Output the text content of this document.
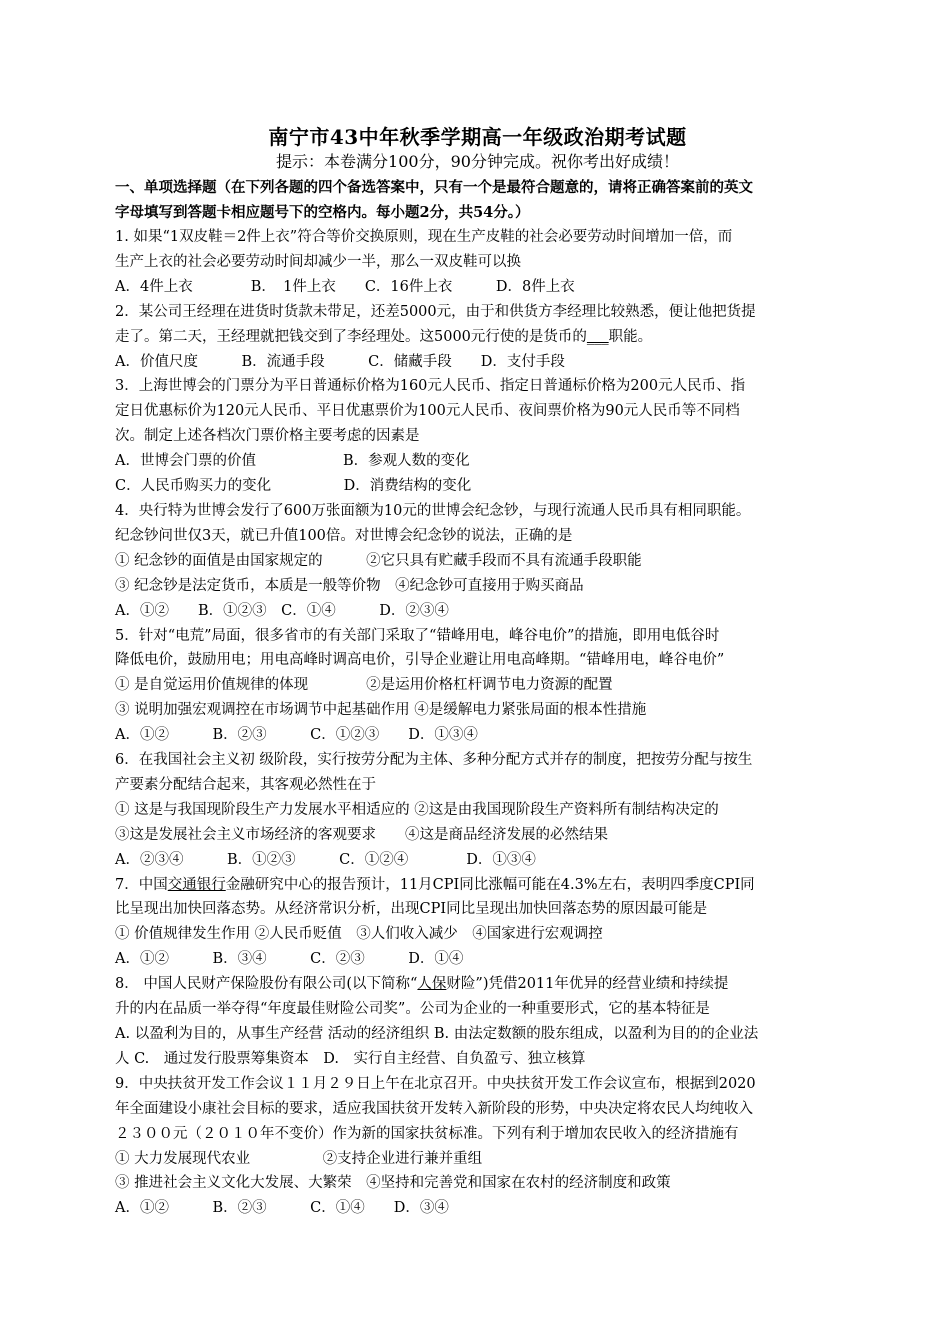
南宁市43中年秋季学期高一年级政治期考试题

提示：本卷满分100分，90分钟完成。祝你考出好成绩！

一、单项选择题（在下列各题的四个备选答案中，只有一个是最符合题意的，请将正确答案前的英文

字母填写到答题卡相应题号下的空格内。每小题2分，共54分。）

1. 如果“1双皮鞋＝2件上衣”符合等价交换原则，现在生产皮鞋的社会必要劳动时间增加一倍，而

生产上衣的社会必要劳动时间却减少一半，那么一双皮鞋可以换

A．4件上衣　　　　B．　1件上衣　　C．16件上衣　　　D．8件上衣

2．某公司王经理在进货时货款未带足，还差5000元，由于和供货方李经理比较熟悉，便让他把货提

走了。第二天，王经理就把钱交到了李经理处。这5000元行使的是货币的___职能。

A．价值尺度　　　B．流通手段　　　C．储藏手段　　D．支付手段

3．上海世博会的门票分为平日普通标价格为160元人民币、指定日普通标价格为200元人民币、指

定日优惠标价为120元人民币、平日优惠票价为100元人民币、夜间票价格为90元人民币等不同档

次。制定上述各档次门票价格主要考虑的因素是

A．世博会门票的价值　　　　　　B．参观人数的变化

C．人民币购买力的变化　　　　　D．消费结构的变化

4．央行特为世博会发行了600万张面额为10元的世博会纪念钞，与现行流通人民币具有相同职能。

纪念钞问世仅3天，就已升值100倍。对世博会纪念钞的说法，正确的是

① 纪念钞的面值是由国家规定的　　　②它只具有贮藏手段而不具有流通手段职能

③ 纪念钞是法定货币，本质是一般等价物　④纪念钞可直接用于购买商品

A．①②　　B．①②③　C．①④　　　D．②③④

5．针对“电荒”局面，很多省市的有关部门采取了“错峰用电，峰谷电价”的措施，即用电低谷时

降低电价，鼓励用电；用电高峰时调高电价，引导企业避让用电高峰期。“错峰用电，峰谷电价”

① 是自觉运用价值规律的体现　　　　②是运用价格杠杆调节电力资源的配置

③ 说明加强宏观调控在市场调节中起基础作用 ④是缓解电力紧张局面的根本性措施

A．①②　　　B．②③　　　C．①②③　　D．①③④

6．在我国社会主义初 级阶段，实行按劳分配为主体、多种分配方式并存的制度，把按劳分配与按生

产要素分配结合起来，其客观必然性在于

① 这是与我国现阶段生产力发展水平相适应的 ②这是由我国现阶段生产资料所有制结构决定的

③这是发展社会主义市场经济的客观要求　　④这是商品经济发展的必然结果

A．②③④　　　B．①②③　　　C．①②④　　　　D．①③④

7．中国交通银行金融研究中心的报告预计，11月CPI同比涨幅可能在4.3%左右，表明四季度CPI同

比呈现出加快回落态势。从经济常识分析，出现CPI同比呈现出加快回落态势的原因最可能是

① 价值规律发生作用 ②人民币贬值　③人们收入减少　④国家进行宏观调控

A．①②　　　B．③④　　　C．②③　　　D．①④

8． 中国人民财产保险股份有限公司(以下简称“人保财险”)凭借2011年优异的经营业绩和持续提

升的内在品质一举夺得“年度最佳财险公司奖”。公司为企业的一种重要形式，它的基本特征是

A. 以盈利为目的，从事生产经营 活动的经济组织 B. 由法定数额的股东组成，以盈利为目的的企业法

人 C.　通过发行股票筹集资本　D.　实行自主经营、自负盈亏、独立核算

9．中央扶贫开发工作会议１１月２９日上午在北京召开。中央扶贫开发工作会议宣布，根据到2020

年全面建设小康社会目标的要求，适应我国扶贫开发转入新阶段的形势，中央决定将农民人均纯收入

２３００元（２０１０年不变价）作为新的国家扶贫标准。下列有利于增加农民收入的经济措施有

① 大力发展现代农业　　　　　②支持企业进行兼并重组

③ 推进社会主义文化大发展、大繁荣　④坚持和完善党和国家在农村的经济制度和政策

A．①②　　　B．②③　　　C．①④　　D．③④
